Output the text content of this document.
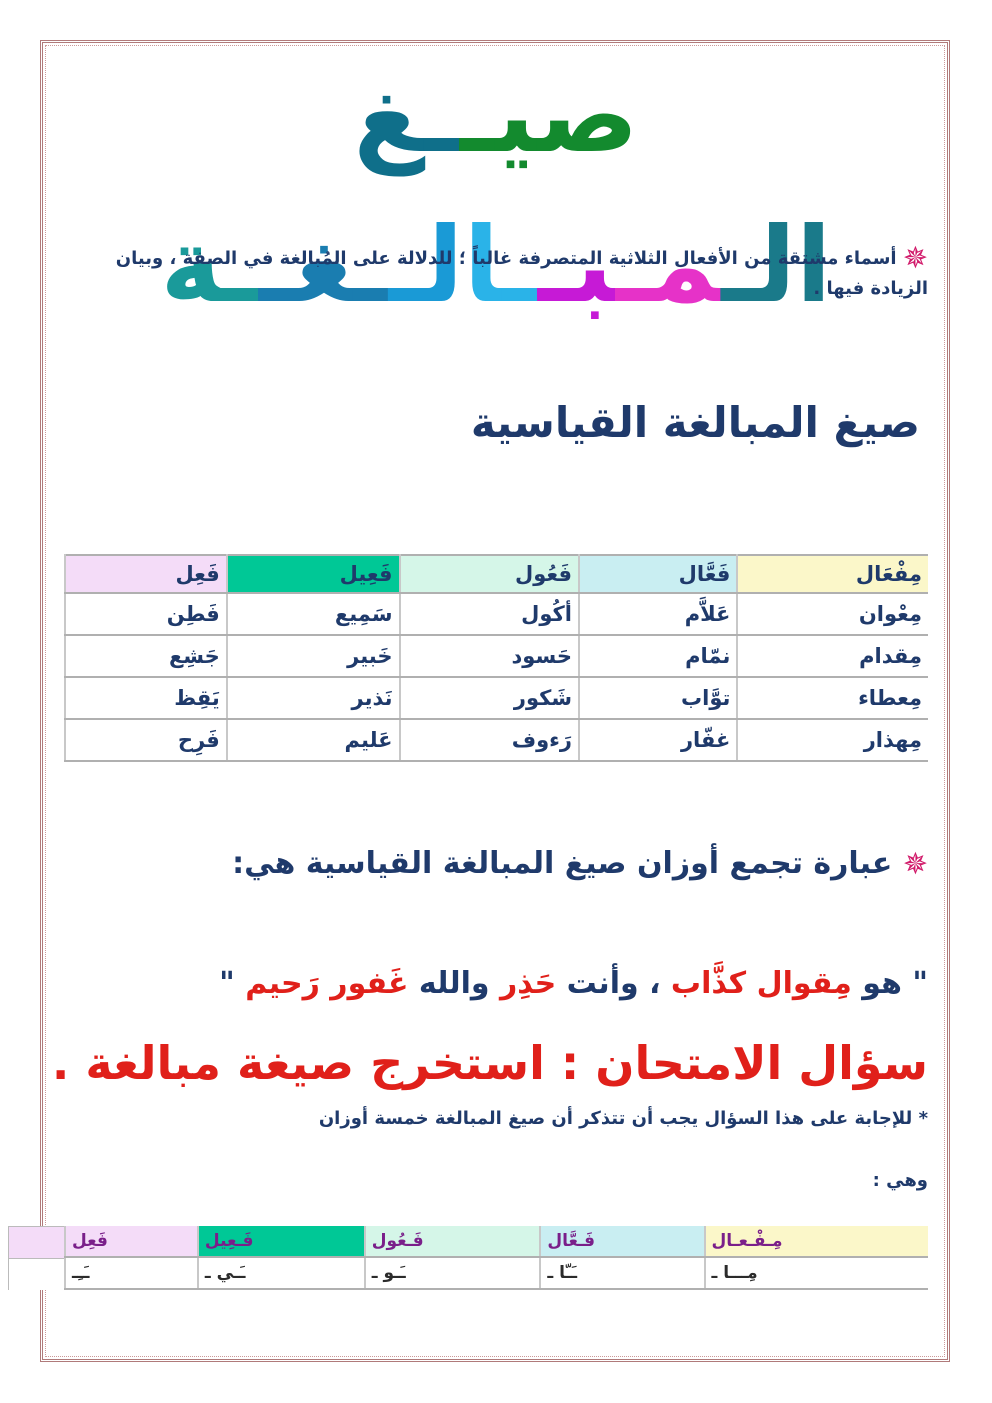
صيــغ الـمـبــالــغــة	✵ أسماء مشتقة من الأفعال الثلاثية المتصرفة غالباً ؛ للدلالة على المُبالغة في الصفة ، وبيان الزيادة فيها .
صيغ المبالغة القياسية
مِفْعَال	فَعَّال	فَعُول	فَعِيل	فَعِل
مِعْوان	عَلاَّم	أكُول	سَمِيع	فَطِن
مِقدام	نمّام	حَسود	خَبير	جَشِع
مِعطاء	توَّاب	شَكور	نَذير	يَقِظ
مِهذار	غفّار	رَءوف	عَليم	فَرِح
✵ عبارة تجمع أوزان صيغ المبالغة القياسية هي:
" هو مِقوال كذَّاب ، وأنت حَذِر والله غَفور رَحيم "
سؤال الامتحان : استخرج صيغة مبالغة .
* للإجابة على هذا السؤال يجب أن تتذكر أن صيغ المبالغة خمسة أوزان
وهي :
مِـفْـعـال	فَـعَّال	فَـعُول	فَـعِيل	فَعِل
مِـــا ـ	ـَـّا ـ	ـَـو ـ	ـَـي ـ	ـَـِـ
